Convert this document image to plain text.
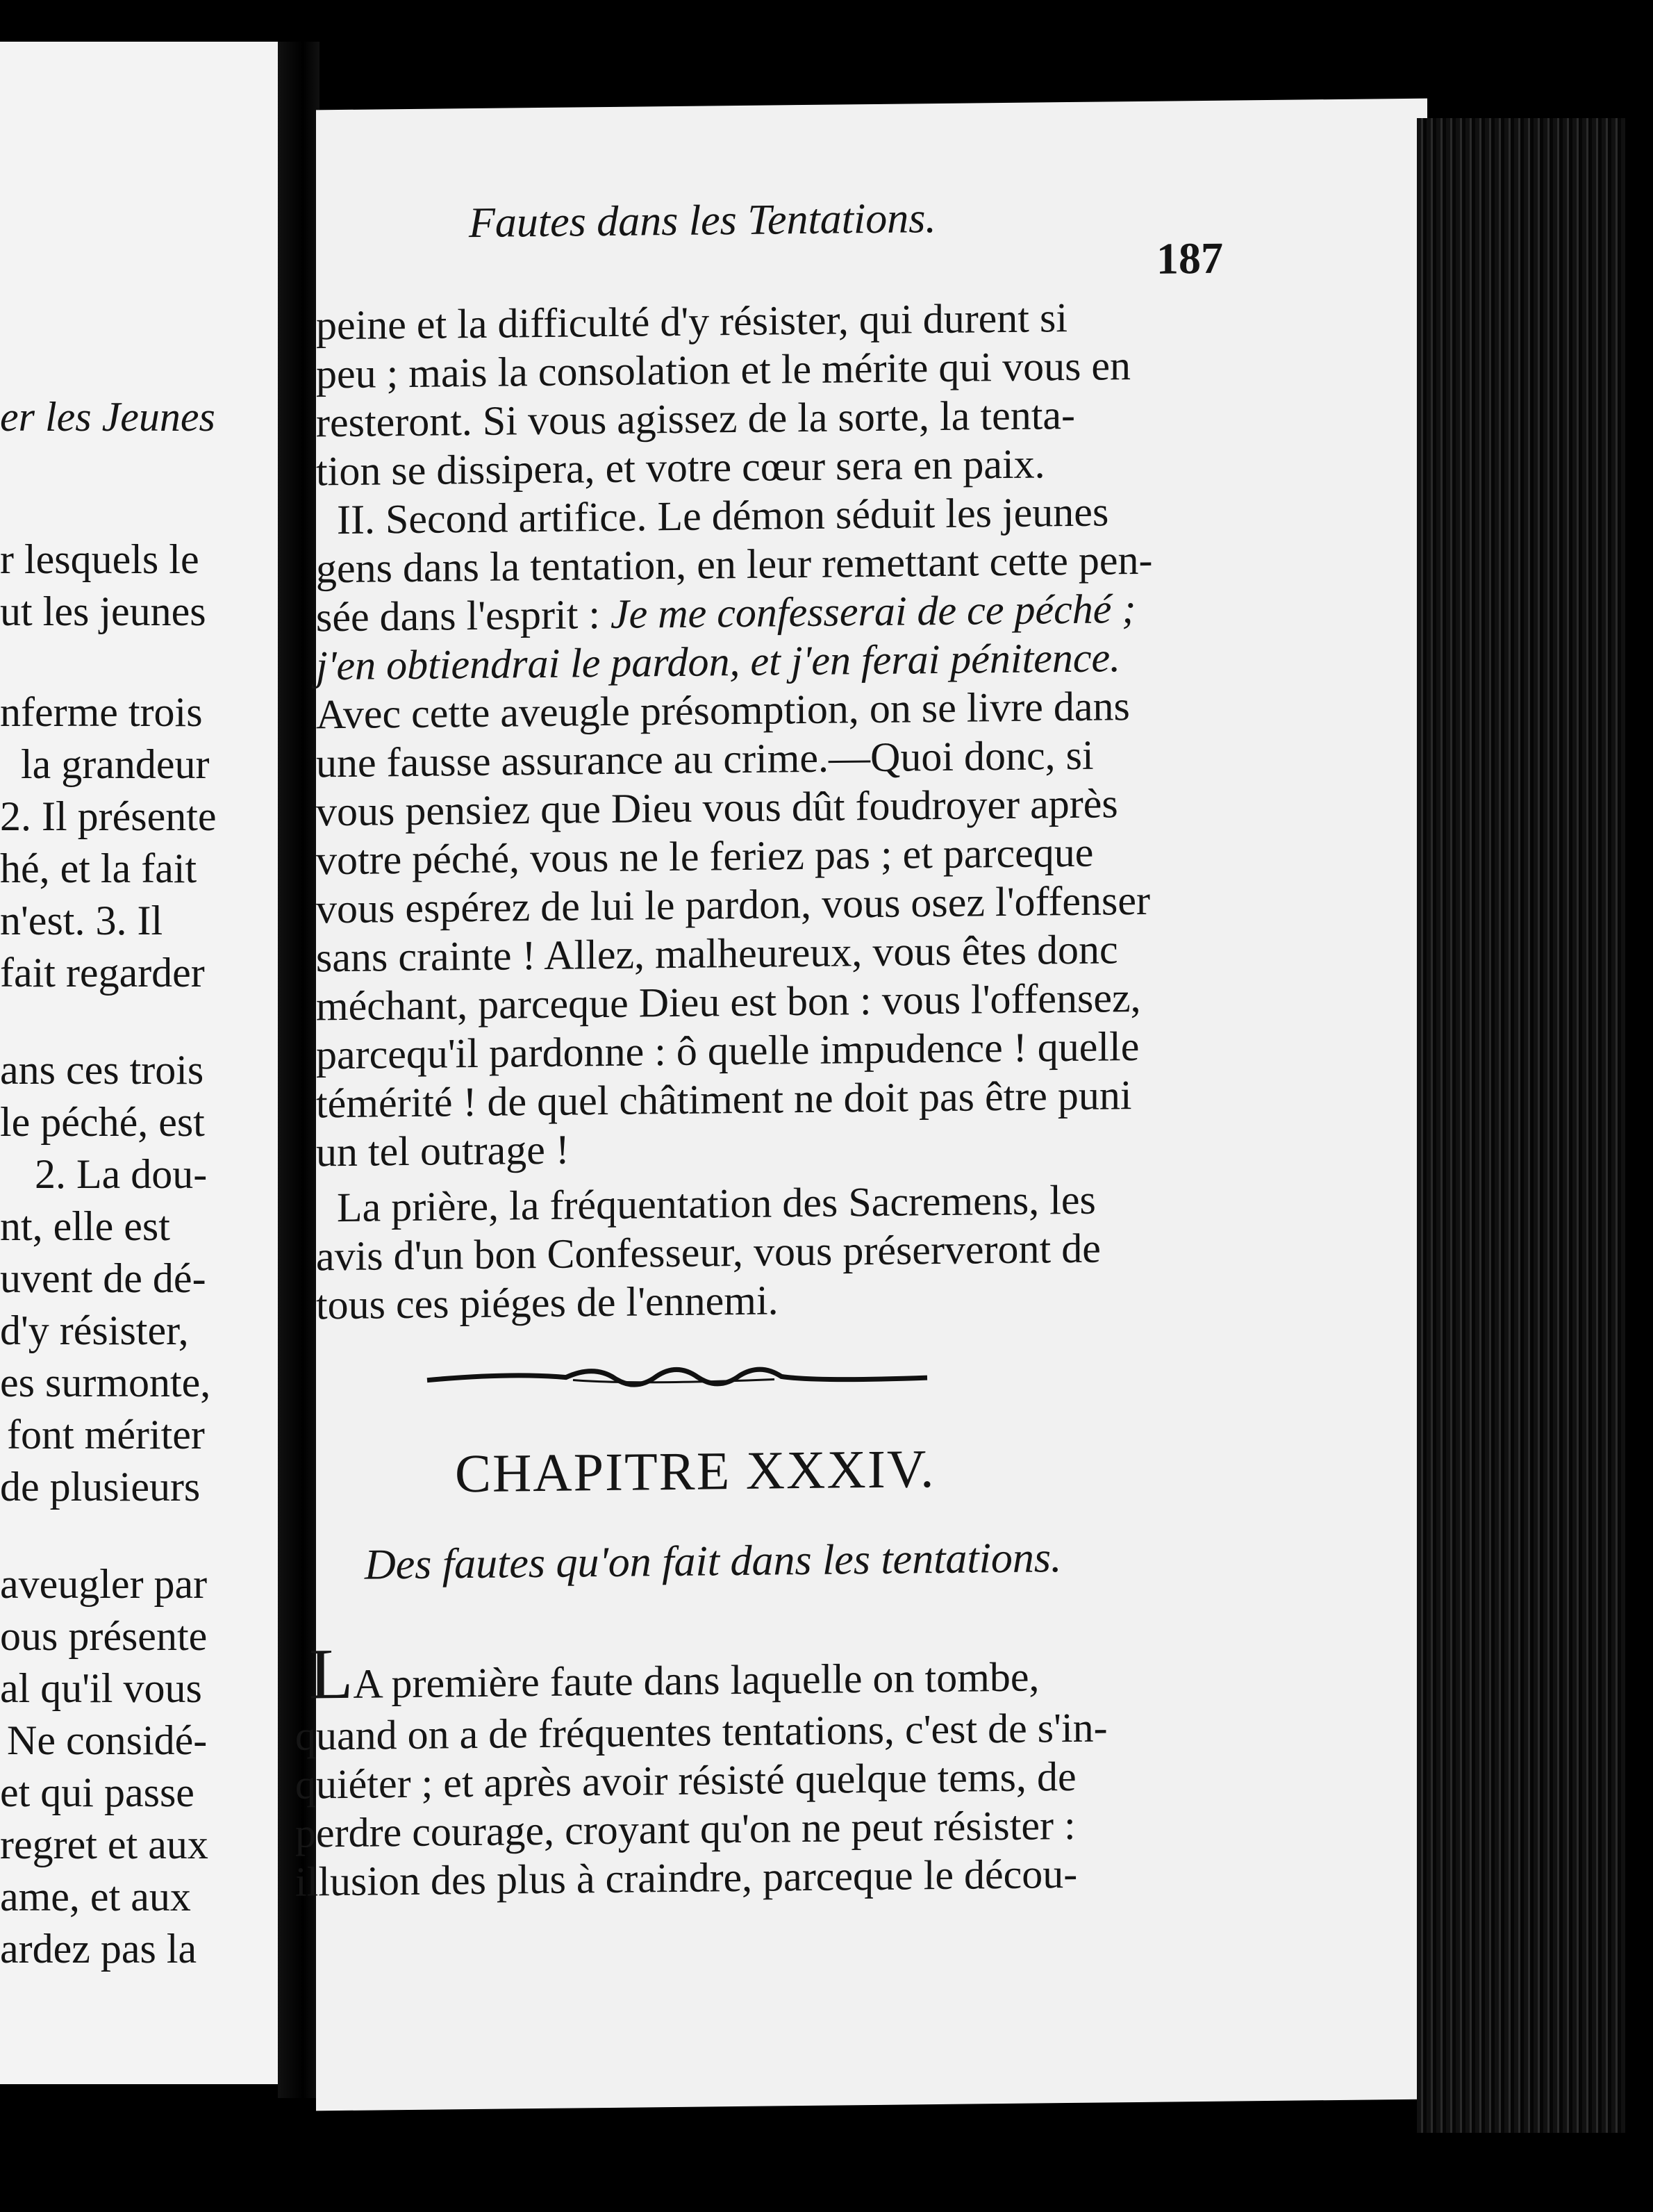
er les Jeunes
r lesquels le
ut les jeunes
nferme trois
la grandeur
2. Il présente
hé, et la fait
n'est. 3. Il
fait regarder
ans ces trois
le péché, est
2. La dou-
nt, elle est
uvent de dé-
d'y résister,
es surmonte,
font mériter
de plusieurs
aveugler par
ous présente
al qu'il vous
Ne considé-
et qui passe
regret et aux
ame, et aux
ardez pas la
Fautes dans les Tentations.
187
peine et la difficulté d'y résister, qui durent si
peu ; mais la consolation et le mérite qui vous en
resteront. Si vous agissez de la sorte, la tenta-
tion se dissipera, et votre cœur sera en paix.
II. Second artifice. Le démon séduit les jeunes
gens dans la tentation, en leur remettant cette pen-
sée dans l'esprit : Je me confesserai de ce péché ;
j'en obtiendrai le pardon, et j'en ferai pénitence.
Avec cette aveugle présomption, on se livre dans
une fausse assurance au crime.—Quoi donc, si
vous pensiez que Dieu vous dût foudroyer après
votre péché, vous ne le feriez pas ; et parceque
vous espérez de lui le pardon, vous osez l'offenser
sans crainte ! Allez, malheureux, vous êtes donc
méchant, parceque Dieu est bon : vous l'offensez,
parcequ'il pardonne : ô quelle impudence ! quelle
témérité ! de quel châtiment ne doit pas être puni
un tel outrage !
La prière, la fréquentation des Sacremens, les
avis d'un bon Confesseur, vous préserveront de
tous ces piéges de l'ennemi.
CHAPITRE XXXIV.
Des fautes qu'on fait dans les tentations.
LA première faute dans laquelle on tombe,
quand on a de fréquentes tentations, c'est de s'in-
quiéter ; et après avoir résisté quelque tems, de
perdre courage, croyant qu'on ne peut résister :
illusion des plus à craindre, parceque le décou-
